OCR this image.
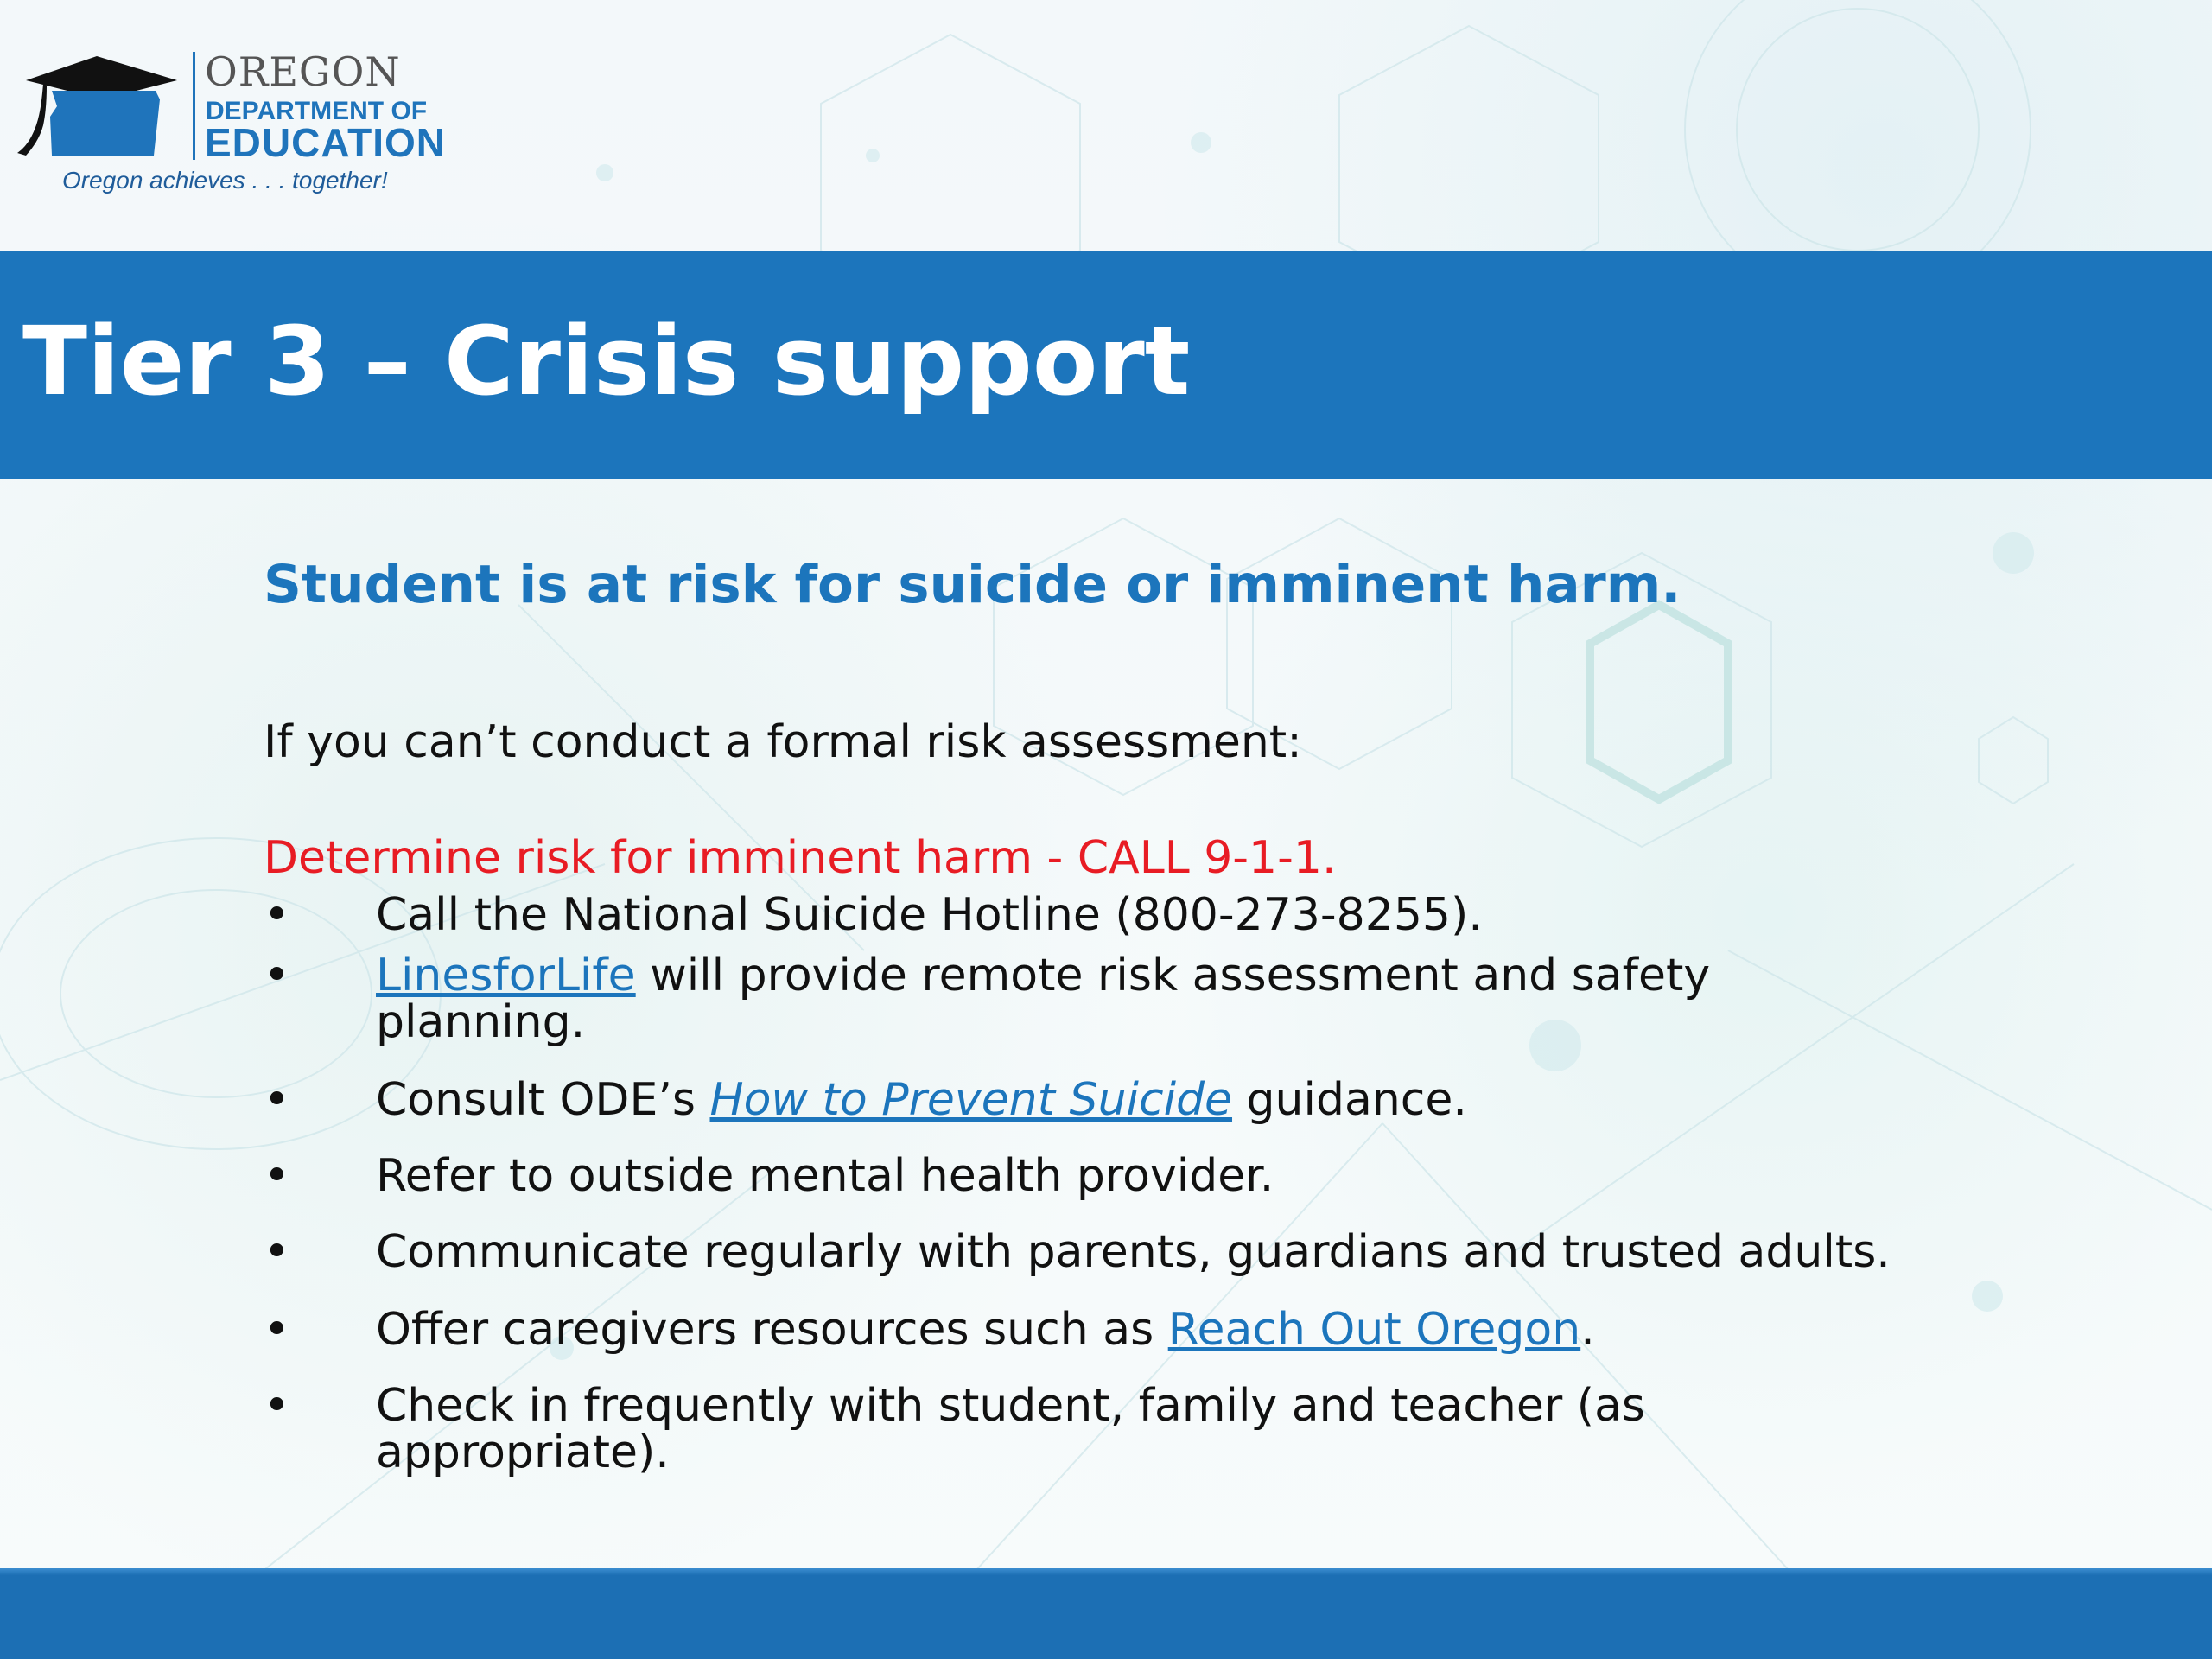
OREGON
DEPARTMENT OF
EDUCATION
Oregon achieves . . . together!
Tier 3 – Crisis support
Student is at risk for suicide or imminent harm.
If you can’t conduct a formal risk assessment:
Determine risk for imminent harm - CALL 9-1-1.
• Call the National Suicide Hotline (800-273-8255).
• LinesforLife will provide remote risk assessment and safety planning.
• Consult ODE’s How to Prevent Suicide guidance.
• Refer to outside mental health provider.
• Communicate regularly with parents, guardians and trusted adults.
• Offer caregivers resources such as Reach Out Oregon.
• Check in frequently with student, family and teacher (as appropriate).
